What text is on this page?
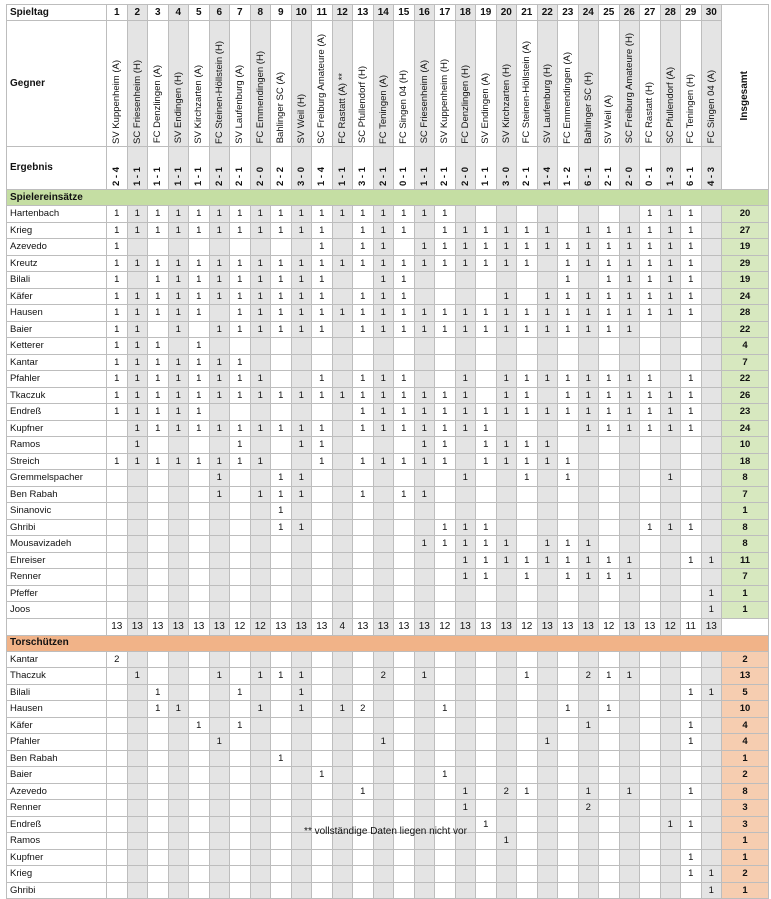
Spieltag	1	2	3	4	5	6	7	8	9	10	11	12	13	14	15	16	17	18	19	20	21	22	23	24	25	26	27	28	29	30	Insgesamt
Gegner	SV Kuppenheim (A)	SC Friesenheim (H)	FC Denzlingen (A)	SV Endingen (H)	SV Kirchzarten (A)	FC Steinen-Höllstein (H)	SV Laufenburg (A)	FC Emmendingen (H)	Bahlinger SC (A)	SV Weil (H)	SC Freiburg Amateure (A)	FC Rastatt (A) **	SC Pfullendorf (H)	FC Teningen (A)	FC Singen 04 (H)	SC Friesenheim (A)	SV Kuppenheim (H)	FC Denzlingen (H)	SV Endingen (A)	SV Kirchzarten (H)	FC Steinen-Höllstein (A)	SV Laufenburg (H)	FC Emmendingen (A)	Bahlinger SC (H)	SV Weil (A)	SC Freiburg Amateure (H)	FC Rastatt (H)	SC Pfullendorf (A)	FC Teningen (H)	FC Singen 04 (A)	
Ergebnis	2 - 4	1 - 1	1 - 1	1 - 1	1 - 1	2 - 1	2 - 1	2 - 0	2 - 2	3 - 0	1 - 4	1 - 1	3 - 1	2 - 1	0 - 1	1 - 1	2 - 1	2 - 0	1 - 1	3 - 0	2 - 1	1 - 4	1 - 2	6 - 1	2 - 1	2 - 0	0 - 1	1 - 3	6 - 1	4 - 3	
Spielereinsätze																															
Hartenbach	1	1	1	1	1	1	1	1	1	1	1	1	1	1	1	1	1										1	1	1		20
Krieg	1	1	1	1	1	1	1	1	1	1	1		1	1	1		1	1	1	1	1	1		1	1	1	1	1	1		27
Azevedo	1										1		1	1		1	1	1	1	1	1	1	1	1	1	1	1	1	1		19
Kreutz	1	1	1	1	1	1	1	1	1	1	1	1	1	1	1	1	1	1	1	1	1		1	1	1	1	1	1	1		29
Bilali	1		1	1	1	1	1	1	1	1	1			1	1								1		1	1	1	1	1		19
Käfer	1	1	1	1	1	1	1	1	1	1	1		1	1	1					1		1	1	1	1	1	1	1	1		24
Hausen	1	1	1	1	1		1	1	1	1	1	1	1	1	1	1	1	1	1	1	1	1	1	1	1	1	1	1	1		28
Baier	1	1		1		1	1	1	1	1	1		1	1	1	1	1	1	1	1	1	1	1	1	1	1					22
Ketterer	1	1	1		1																										4
Kantar	1	1	1	1	1	1	1																								7
Pfahler	1	1	1	1	1	1	1	1			1		1	1	1			1		1	1	1	1	1	1	1	1		1		22
Tkaczuk	1	1	1	1	1	1	1	1	1	1	1	1	1	1	1	1	1	1		1	1		1	1	1	1	1	1	1		26
Endreß	1	1	1	1	1								1	1	1	1	1	1	1	1	1	1	1	1	1	1	1	1	1		23
Kupfner		1	1	1	1	1	1	1	1	1	1		1	1	1	1	1	1	1					1	1	1	1	1	1		24
Ramos		1					1			1	1					1	1		1	1	1	1									10
Streich	1	1	1	1	1	1	1	1			1		1	1	1	1	1		1	1	1	1	1								18
Gremmelspacher						1			1	1								1			1		1					1			8
Ben Rabah						1		1	1	1			1		1	1															7
Sinanovic									1																						1
Ghribi									1	1							1	1	1								1	1	1		8
Mousavizadeh																1	1	1	1	1		1	1	1							8
Ehreiser																		1	1	1	1	1	1	1	1	1			1	1	11
Renner																		1	1		1		1	1	1	1					7
Pfeffer																														1	1
Joos																														1	1
	13	13	13	13	13	13	12	12	13	13	13	4	13	13	13	13	12	13	13	13	12	13	13	13	12	13	13	12	11	13	
Torschützen																															
Kantar	2																														2
Thaczuk		1				1		1	1	1				2		1					1			2	1	1					13
Bilali			1				1			1																			1	1	5
Hausen			1	1				1		1		1	2				1						1		1						10
Käfer					1		1																	1					1		4
Pfahler						1								1								1							1		4
Ben Rabah									1																						1
Baier											1						1														2
Azevedo													1					1		2	1			1		1			1		8
Renner																		1						2							3
Endreß																			1									1	1		3
Ramos																				1											1
Kupfner																													1		1
Krieg																													1	1	2
Ghribi																														1	1
** vollständige Daten liegen nicht vor
